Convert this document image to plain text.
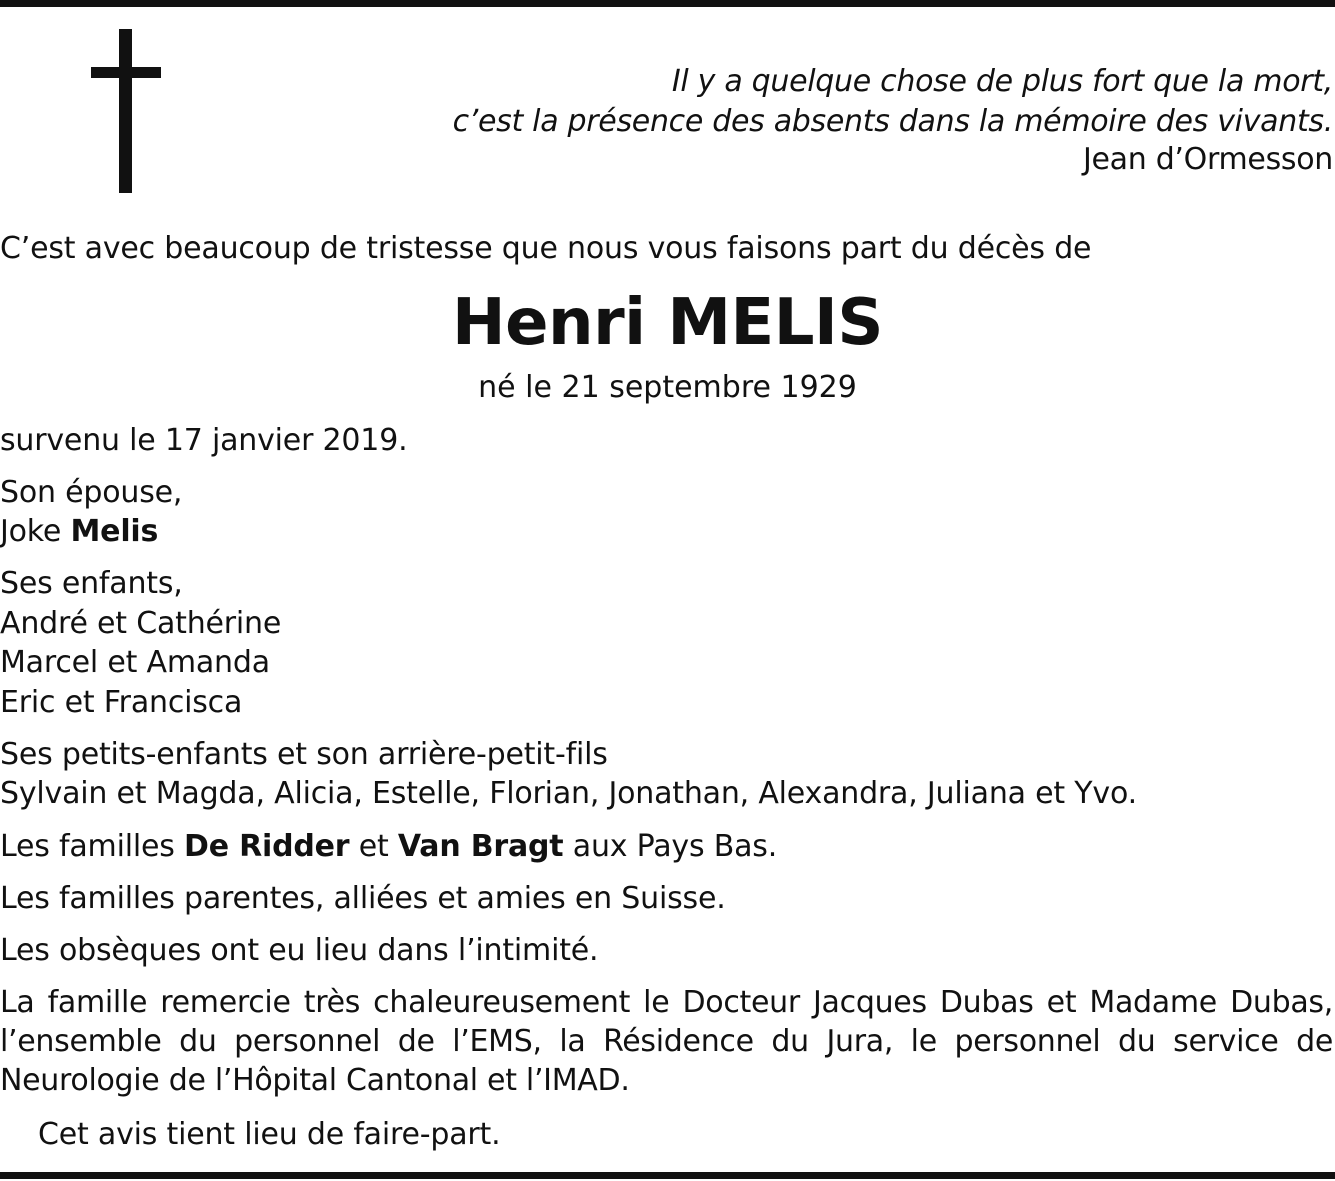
Il y a quelque chose de plus fort que la mort,
c’est la présence des absents dans la mémoire des vivants.
Jean d’Ormesson
C’est avec beaucoup de tristesse que nous vous faisons part du décès de
Henri MELIS
né le 21 septembre 1929
survenu le 17 janvier 2019.
Son épouse,
Joke Melis
Ses enfants,
André et Cathérine
Marcel et Amanda
Eric et Francisca
Ses petits-enfants et son arrière-petit-fils
Sylvain et Magda, Alicia, Estelle, Florian, Jonathan, Alexandra, Juliana et Yvo.
Les familles De Ridder et Van Bragt aux Pays Bas.
Les familles parentes, alliées et amies en Suisse.
Les obsèques ont eu lieu dans l’intimité.
La famille remercie très chaleureusement le Docteur Jacques Dubas et Madame Dubas,
l’ensemble du personnel de l’EMS, la Résidence du Jura, le personnel du service de
Neurologie de l’Hôpital Cantonal et l’IMAD.
Cet avis tient lieu de faire-part.
